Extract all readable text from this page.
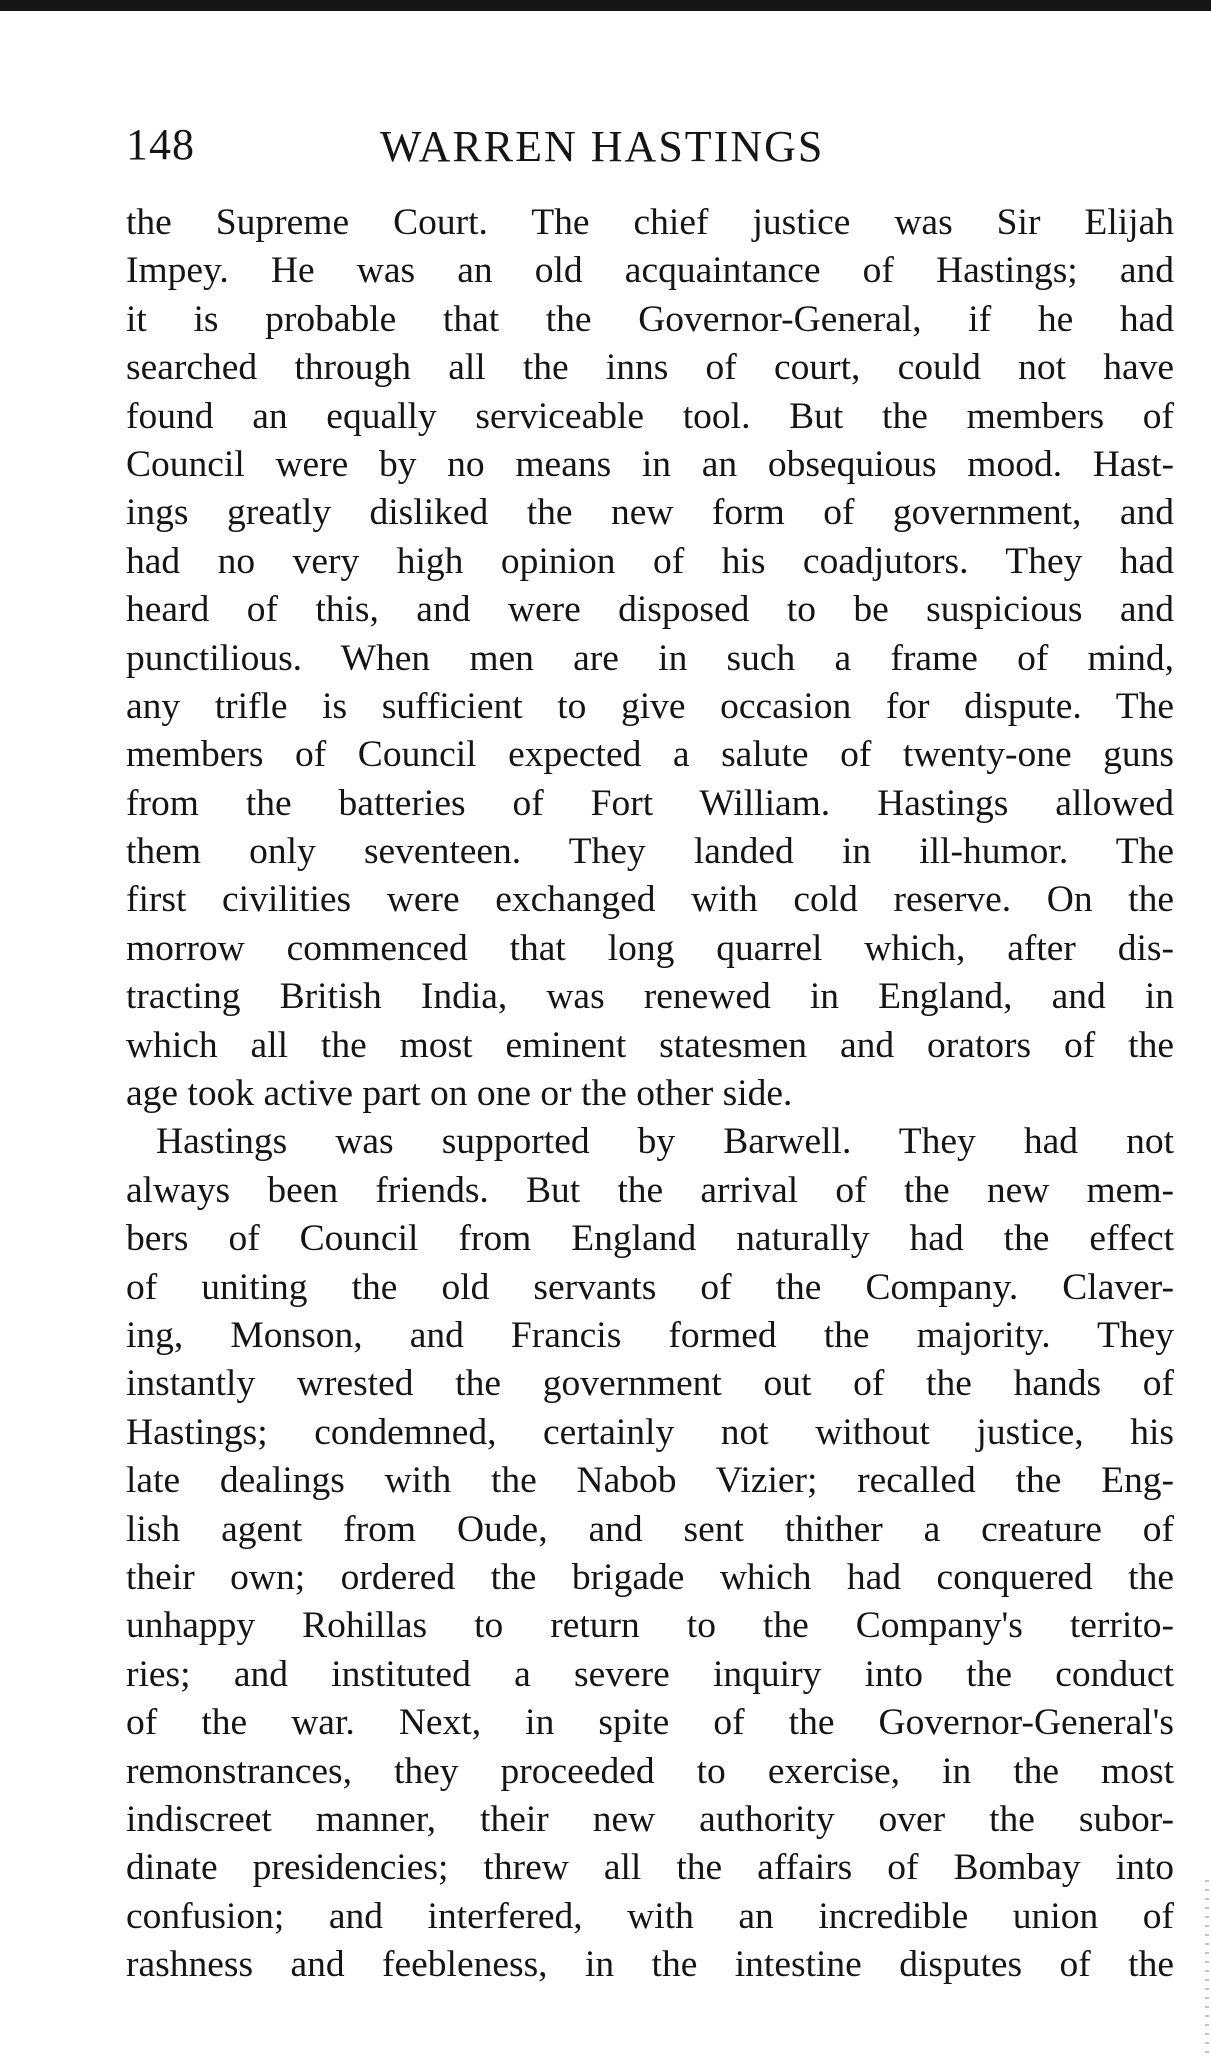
148	WARREN HASTINGS
the Supreme Court. The chief justice was Sir Elijah
Impey. He was an old acquaintance of Hastings; and
it is probable that the Governor-General, if he had
searched through all the inns of court, could not have
found an equally serviceable tool. But the members of
Council were by no means in an obsequious mood. Hast-
ings greatly disliked the new form of government, and
had no very high opinion of his coadjutors. They had
heard of this, and were disposed to be suspicious and
punctilious. When men are in such a frame of mind,
any trifle is sufficient to give occasion for dispute. The
members of Council expected a salute of twenty-one guns
from the batteries of Fort William. Hastings allowed
them only seventeen. They landed in ill-humor. The
first civilities were exchanged with cold reserve. On the
morrow commenced that long quarrel which, after dis-
tracting British India, was renewed in England, and in
which all the most eminent statesmen and orators of the
age took active part on one or the other side.
Hastings was supported by Barwell. They had not
always been friends. But the arrival of the new mem-
bers of Council from England naturally had the effect
of uniting the old servants of the Company. Claver-
ing, Monson, and Francis formed the majority. They
instantly wrested the government out of the hands of
Hastings; condemned, certainly not without justice, his
late dealings with the Nabob Vizier; recalled the Eng-
lish agent from Oude, and sent thither a creature of
their own; ordered the brigade which had conquered the
unhappy Rohillas to return to the Company's territo-
ries; and instituted a severe inquiry into the conduct
of the war. Next, in spite of the Governor-General's
remonstrances, they proceeded to exercise, in the most
indiscreet manner, their new authority over the subor-
dinate presidencies; threw all the affairs of Bombay into
confusion; and interfered, with an incredible union of
rashness and feebleness, in the intestine disputes of the
